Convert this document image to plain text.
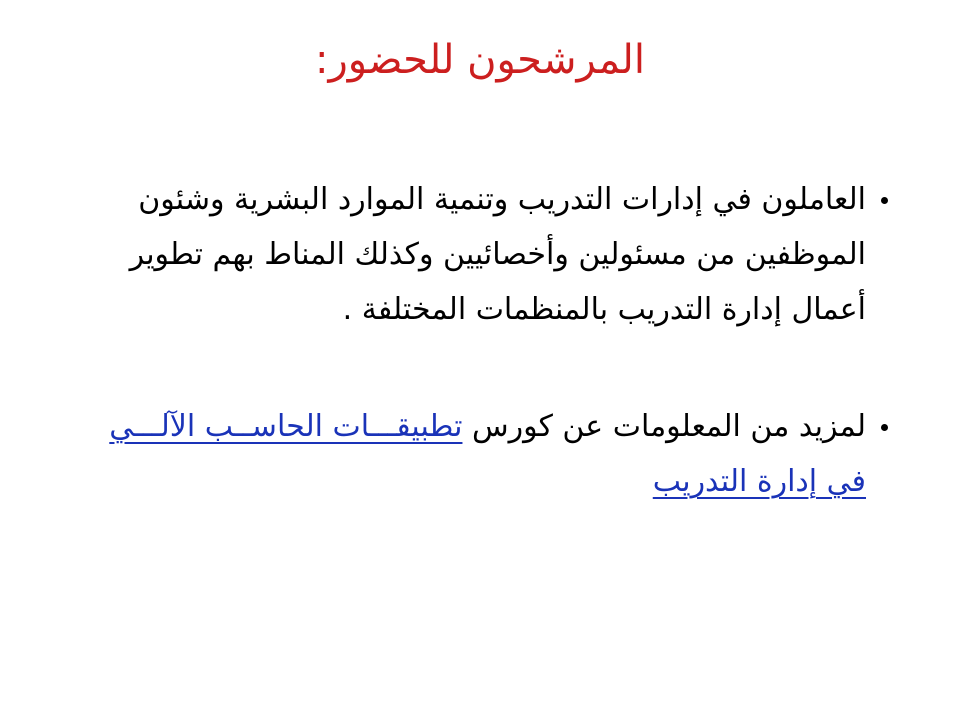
المرشحون للحضور:
العاملون في إدارات التدريب وتنمية الموارد البشرية وشئون الموظفين من مسئولين وأخصائيين وكذلك المناط بهم تطوير أعمال إدارة التدريب بالمنظمات المختلفة .
لمزيد من المعلومات عن كورس تطبيقـــات الحاســب الآلـــي في إدارة التدريب
